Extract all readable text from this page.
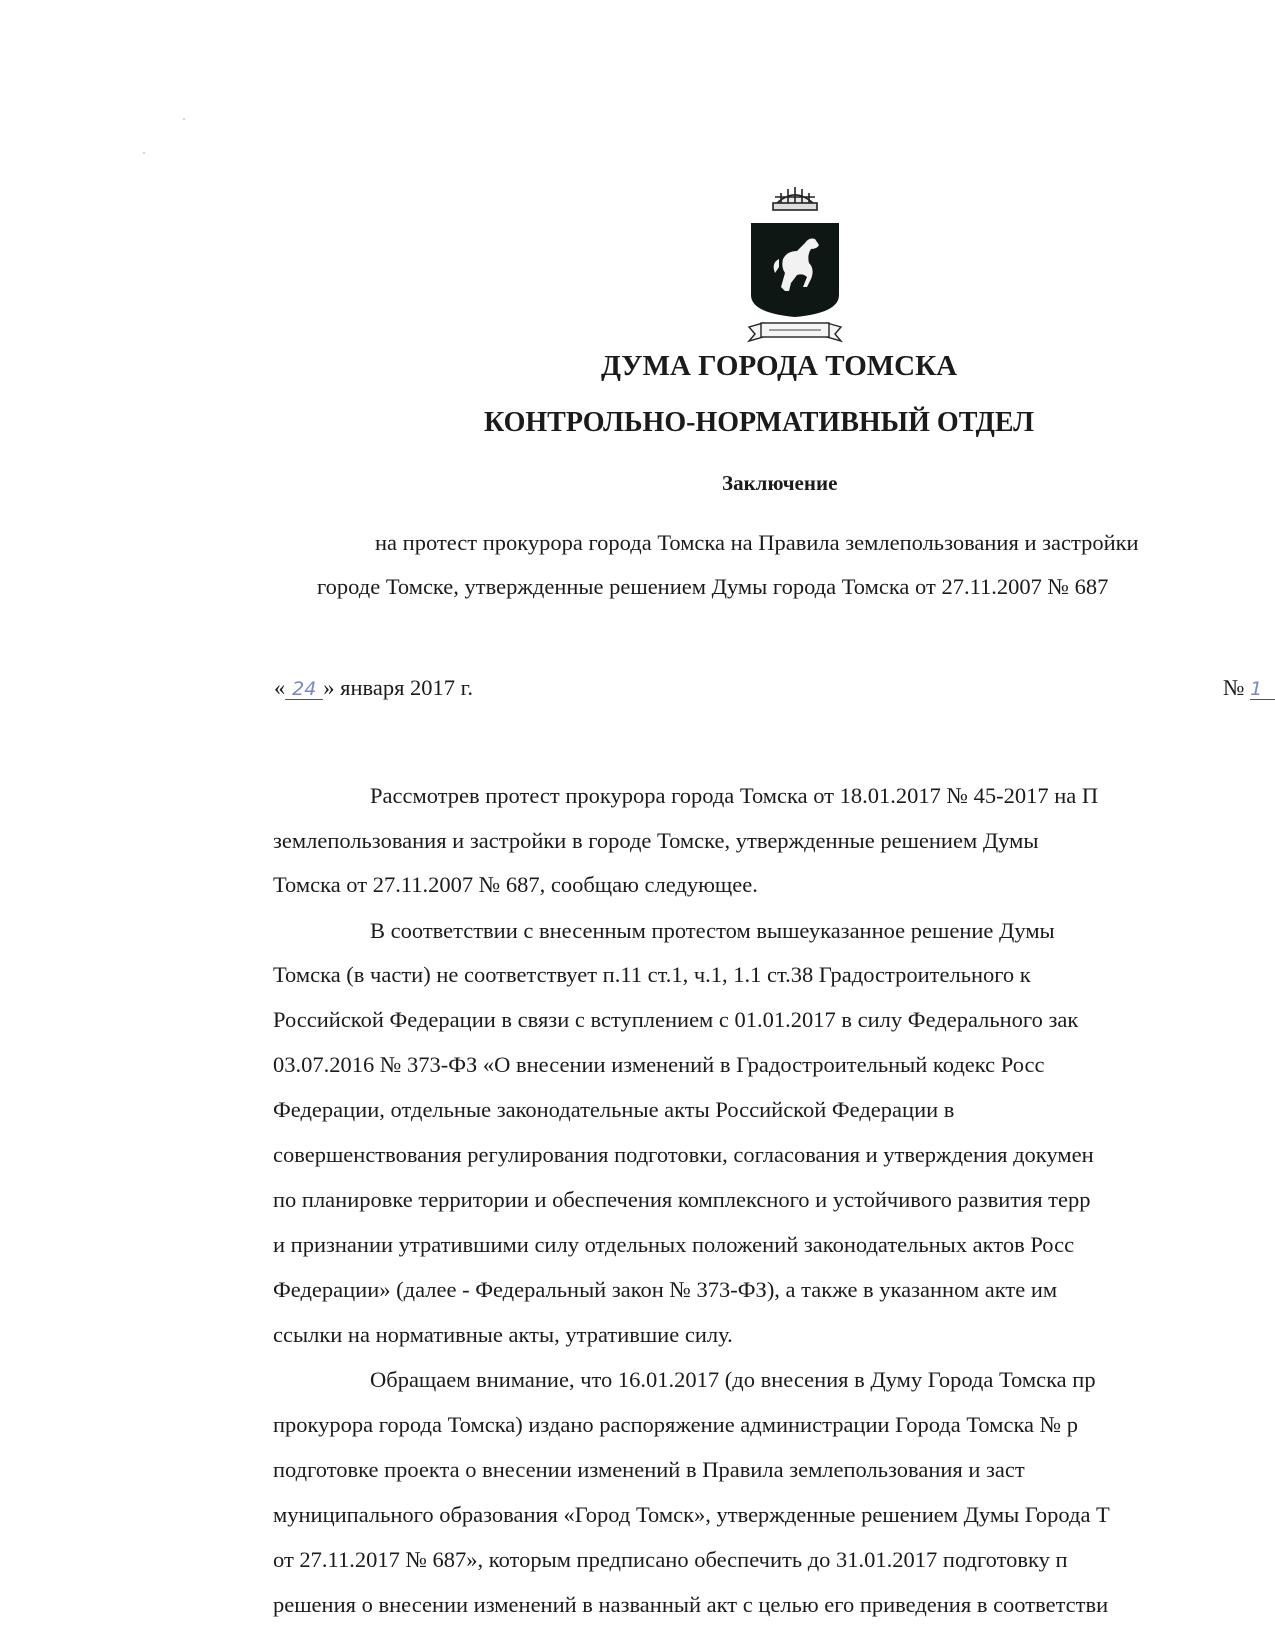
ДУМА ГОРОДА ТОМСКА
КОНТРОЛЬНО-НОРМАТИВНЫЙ ОТДЕЛ
Заключение
на протест прокурора города Томска на Правила землепользования и застройки
городе Томске, утвержденные решением Думы города Томска от 27.11.2007 № 687
« 24 » января 2017 г.	№ 1
Рассмотрев протест прокурора города Томска от 18.01.2017 № 45-2017 на П
землепользования и застройки в городе Томске, утвержденные решением Думы
Томска от 27.11.2007 № 687, сообщаю следующее.
В соответствии с внесенным протестом вышеуказанное решение Думы
Томска (в части) не соответствует п.11 ст.1, ч.1, 1.1 ст.38 Градостроительного к
Российской Федерации в связи с вступлением с 01.01.2017 в силу Федерального зак
03.07.2016 № 373-ФЗ «О внесении изменений в Градостроительный кодекс Росс
Федерации, отдельные законодательные акты Российской Федерации в
совершенствования регулирования подготовки, согласования и утверждения докумен
по планировке территории и обеспечения комплексного и устойчивого развития терр
и признании утратившими силу отдельных положений законодательных актов Росс
Федерации» (далее - Федеральный закон № 373-ФЗ), а также в указанном акте им
ссылки на нормативные акты, утратившие силу.
Обращаем внимание, что 16.01.2017 (до внесения в Думу Города Томска пр
прокурора города Томска) издано распоряжение администрации Города Томска № р
подготовке проекта о внесении изменений в Правила землепользования и заст
муниципального образования «Город Томск», утвержденные решением Думы Города Т
от 27.11.2017 № 687», которым предписано обеспечить до 31.01.2017 подготовку п
решения о внесении изменений в названный акт с целью его приведения в соответстви
